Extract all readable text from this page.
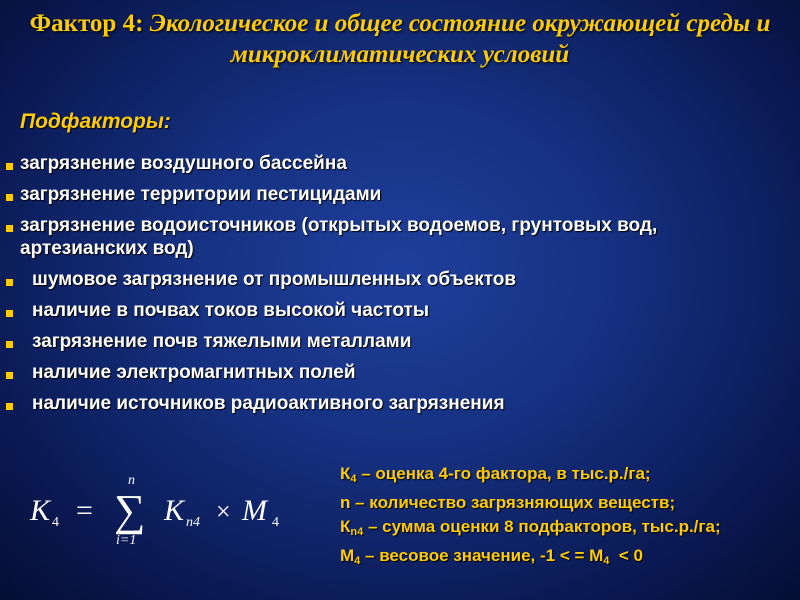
Фактор 4: Экологическое и общее состояние окружающей среды и микроклиматических условий
Подфакторы:
загрязнение воздушного бассейна
загрязнение территории пестицидами
загрязнение водоисточников (открытых водоемов, грунтовых вод, артезианских вод)
шумовое загрязнение от промышленных объектов
наличие в почвах токов высокой частоты
загрязнение почв тяжелыми металлами
наличие электромагнитных полей
наличие источников радиоактивного загрязнения
K 4 =
n
∑
i=1
K n4 × M 4
$К_4$ – оценка 4-го фактора, в тыс.р./га;
n – количество загрязняющих веществ;
$К_{n4}$ – сумма оценки 8 подфакторов, тыс.р./га;
$М_4$ – весовое значение, -1 < = $M_4 < 0$
